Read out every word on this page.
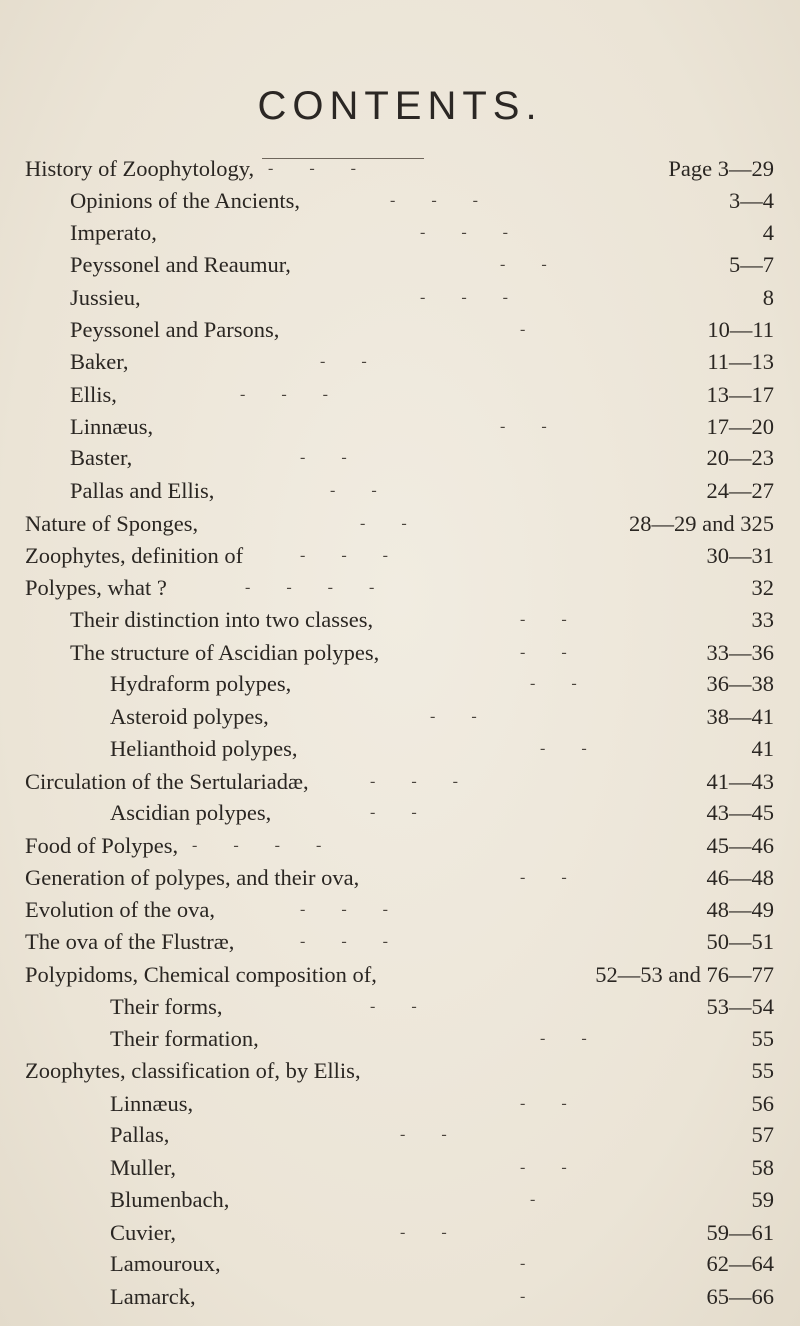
CONTENTS.
History of Zoophytology, -       -       -	Page 3—29
Opinions of the Ancients,	-       -       -	3—4
Imperato,	-       -       -	4
Peyssonel and Reaumur,	-       -	5—7
Jussieu,	-       -       -	8
Peyssonel and Parsons,	-	10—11
Baker,	-       -	11—13
Ellis,	-       -       -	13—17
Linnæus,	-       -	17—20
Baster,	-       -	20—23
Pallas and Ellis,	-       -	24—27
Nature of Sponges,	-       -	28—29 and 325
Zoophytes, definition of	-       -       -	30—31
Polypes, what ?	-       -       -       -	32
Their distinction into two classes,	-       -	33
The structure of Ascidian polypes,	-       -	33—36
Hydraform polypes,	-       -	36—38
Asteroid polypes,	-       -	38—41
Helianthoid polypes,	-       -	41
Circulation of the Sertulariadæ,	-       -       -	41—43
Ascidian polypes,	-       -	43—45
Food of Polypes, -       -       -       -	45—46
Generation of polypes, and their ova,	-       -	46—48
Evolution of the ova,	-       -       -	48—49
The ova of the Flustræ,	-       -       -	50—51
Polypidoms, Chemical composition of,	52—53 and 76—77
Their forms,	-       -	53—54
Their formation,	-       -	55
Zoophytes, classification of, by Ellis,	55
Linnæus,	-       -	56
Pallas,	-       -	57
Muller,	-       -	58
Blumenbach,	-	59
Cuvier,	-       -	59—61
Lamouroux,	-	62—64
Lamarck,	-	65—66
